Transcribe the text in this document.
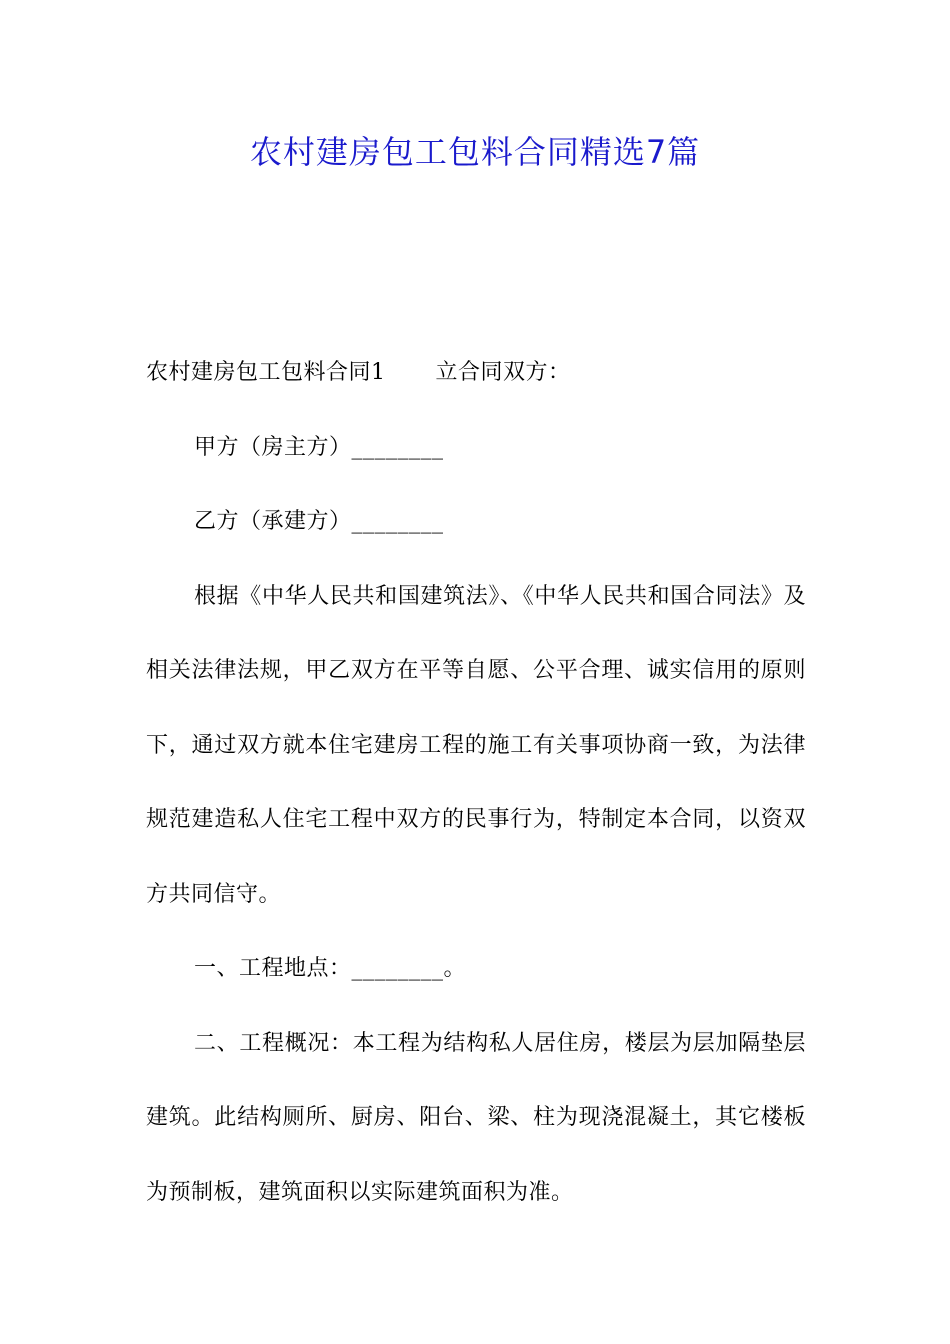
农村建房包工包料合同精选7篇

农村建房包工包料合同1 立合同双方：

甲方（房主方）________

乙方（承建方）________

根据《中华人民共和国建筑法》、《中华人民共和国合同法》及相关法律法规，甲乙双方在平等自愿、公平合理、诚实信用的原则下，通过双方就本住宅建房工程的施工有关事项协商一致，为法律规范建造私人住宅工程中双方的民事行为，特制定本合同，以资双方共同信守。

一、工程地点：________。

二、工程概况：本工程为结构私人居住房，楼层为层加隔垫层建筑。此结构厕所、厨房、阳台、梁、柱为现浇混凝土，其它楼板为预制板，建筑面积以实际建筑面积为准。
